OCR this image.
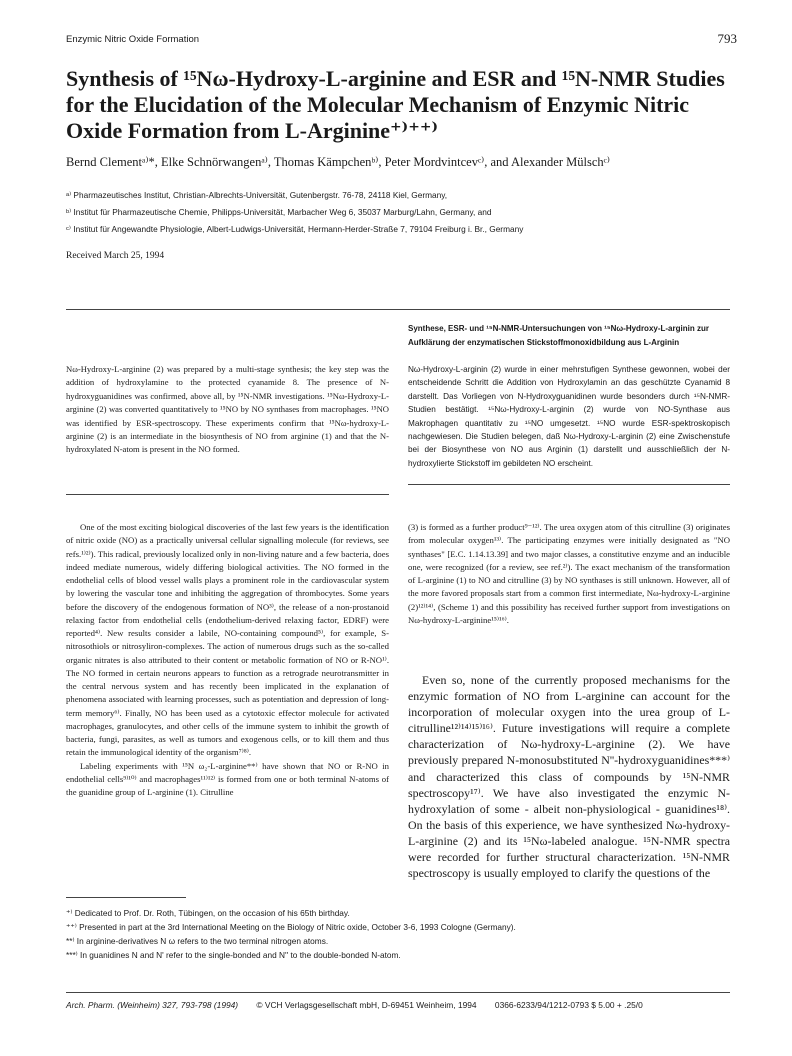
Enzymic Nitric Oxide Formation	793
Synthesis of ¹⁵Nω-Hydroxy-L-arginine and ESR and ¹⁵N-NMR Studies for the Elucidation of the Molecular Mechanism of Enzymic Nitric Oxide Formation from L-Arginine⁺⁾⁺⁺⁾
Bernd Clementᵃ⁾*, Elke Schnörwangenᵃ⁾, Thomas Kämpchenᵇ⁾, Peter Mordvintcevᶜ⁾, and Alexander Mülschᶜ⁾
ᵃ⁾ Pharmazeutisches Institut, Christian-Albrechts-Universität, Gutenbergstr. 76-78, 24118 Kiel, Germany,
ᵇ⁾ Institut für Pharmazeutische Chemie, Philipps-Universität, Marbacher Weg 6, 35037 Marburg/Lahn, Germany, and
ᶜ⁾ Institut für Angewandte Physiologie, Albert-Ludwigs-Universität, Hermann-Herder-Straße 7, 79104 Freiburg i. Br., Germany
Received March 25, 1994
Nω-Hydroxy-L-arginine (2) was prepared by a multi-stage synthesis; the key step was the addition of hydroxylamine to the protected cyanamide 8. The presence of N-hydroxyguanidines was confirmed, above all, by ¹⁵N-NMR investigations. ¹⁵Nω-Hydroxy-L-arginine (2) was converted quantitatively to ¹⁵NO by NO synthases from macrophages. ¹⁵NO was identified by ESR-spectroscopy. These experiments confirm that ¹⁵Nω-hydroxy-L-arginine (2) is an intermediate in the biosynthesis of NO from arginine (1) and that the N-hydroxylated N-atom is present in the NO formed.
Synthese, ESR- und ¹⁵N-NMR-Untersuchungen von ¹⁵Nω-Hydroxy-L-arginin zur Aufklärung der enzymatischen Stickstoffmonoxidbildung aus L-Arginin
Nω-Hydroxy-L-arginin (2) wurde in einer mehrstufigen Synthese gewonnen, wobei der entscheidende Schritt die Addition von Hydroxylamin an das geschützte Cyanamid 8 darstellt. Das Vorliegen von N-Hydroxyguanidinen wurde besonders durch ¹⁵N-NMR-Studien bestätigt. ¹⁵Nω-Hydroxy-L-arginin (2) wurde von NO-Synthase aus Makrophagen quantitativ zu ¹⁵NO umgesetzt. ¹⁵NO wurde ESR-spektroskopisch nachgewiesen. Die Studien belegen, daß Nω-Hydroxy-L-arginin (2) eine Zwischenstufe bei der Biosynthese von NO aus Arginin (1) darstellt und ausschließlich der N-hydroxylierte Stickstoff im gebildeten NO erscheint.

One of the most exciting biological discoveries of the last few years is the identification of nitric oxide (NO) as a practically universal cellular signalling molecule (for reviews, see refs.¹⁾²⁾). This radical, previously localized only in non-living nature and a few bacteria, does indeed mediate numerous, widely differing biological activities. The NO formed in the endothelial cells of blood vessel walls plays a prominent role in the cardiovascular system by lowering the vascular tone and inhibiting the aggregation of thrombocytes. Some years before the discovery of the endogenous formation of NO³⁾, the release of a non-prostanoid relaxing factor from endothelial cells (endothelium-derived relaxing factor, EDRF) were reported⁴⁾. New results consider a labile, NO-containing compound⁵⁾, for example, S-nitrosothiols or nitrosyliron-complexes. The action of numerous drugs such as the so-called organic nitrates is also attributed to their content or metabolic formation of NO or R-NO¹⁾. The NO formed in certain neurons appears to function as a retrograde neurotransmitter in the central nervous system and has recently been implicated in the explanation of phenomena associated with learning processes, such as potentiation and depression of long-term memory⁶⁾. Finally, NO has been used as a cytotoxic effector molecule for activated macrophages, granulocytes, and other cells of the immune system to inhibit the growth of bacteria, fungi, parasites, as well as tumors and exogenous cells, or to kill them and thus retain the immunological identity of the organism⁷⁾⁸⁾.

Labeling experiments with ¹⁵N ω₂-L-arginine**⁾ have shown that NO or R-NO in endothelial cells⁹⁾¹⁰⁾ and macrophages¹¹⁾¹²⁾ is formed from one or both terminal N-atoms of the guanidine group of L-arginine (1). Citrulline

(3) is formed as a further product⁹⁻¹²⁾. The urea oxygen atom of this citrulline (3) originates from molecular oxygen¹³⁾. The participating enzymes were initially designated as "NO synthases" [E.C. 1.14.13.39] and two major classes, a constitutive enzyme and an inducible one, were recognized (for a review, see ref.²⁾). The exact mechanism of the transformation of L-arginine (1) to NO and citrulline (3) by NO synthases is still unknown. However, all of the more favored proposals start from a common first intermediate, Nω-hydroxy-L-arginine (2)¹²⁾¹⁴⁾, (Scheme 1) and this possibility has received further support from investigations on Nω-hydroxy-L-arginine¹⁵⁾¹⁶⁾.

Even so, none of the currently proposed mechanisms for the enzymic formation of NO from L-arginine can account for the incorporation of molecular oxygen into the urea group of L-citrulline¹²⁾¹⁴⁾¹⁵⁾¹⁶⁾. Future investigations will require a complete characterization of Nω-hydroxy-L-arginine (2). We have previously prepared N-monosubstituted N''-hydroxyguanidines***⁾ and characterized this class of compounds by ¹⁵N-NMR spectroscopy¹⁷⁾. We have also investigated the enzymic N-hydroxylation of some - albeit non-physiological - guanidines¹⁸⁾. On the basis of this experience, we have synthesized Nω-hydroxy-L-arginine (2) and its ¹⁵Nω-labeled analogue. ¹⁵N-NMR spectra were recorded for further structural characterization. ¹⁵N-NMR spectroscopy is usually employed to clarify the questions of the

⁺⁾ Dedicated to Prof. Dr. Roth, Tübingen, on the occasion of his 65th birthday.
⁺⁺⁾ Presented in part at the 3rd International Meeting on the Biology of Nitric oxide, October 3-6, 1993 Cologne (Germany).
**⁾ In arginine-derivatives N ω refers to the two terminal nitrogen atoms.
***⁾ In guanidines N and N' refer to the single-bonded and N'' to the double-bonded N-atom.
Arch. Pharm. (Weinheim) 327, 793-798 (1994) © VCH Verlagsgesellschaft mbH, D-69451 Weinheim, 1994 0366-6233/94/1212-0793 $ 5.00 + .25/0
